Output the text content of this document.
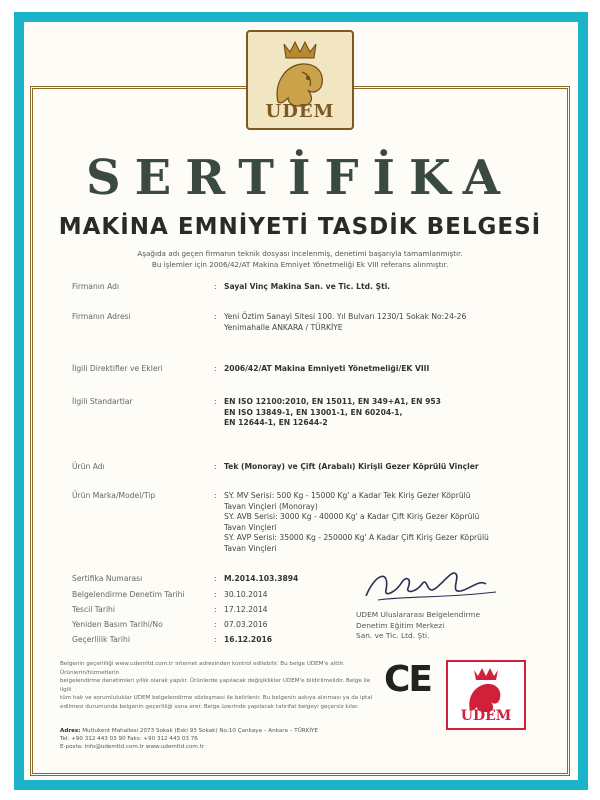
UDEM
SERTİFİKA
MAKİNA EMNİYETİ TASDİK BELGESİ
Aşağıda adı geçen firmanın teknik dosyası incelenmiş, denetimi başarıyla tamamlanmıştır.
Bu işlemler için 2006/42/AT Makina Emniyet Yönetmeliği Ek VIII referans alınmıştır.
Firmanın Adı	: Sayal Vinç Makina San. ve Tic. Ltd. Şti.
Firmanın Adresi	: Yeni Öztim Sanayi Sitesi 100. Yıl Bulvarı 1230/1 Sokak No:24-26
Yenimahalle ANKARA / TÜRKİYE
İlgili Direktifler ve Ekleri	: 2006/42/AT Makina Emniyeti Yönetmeliği/EK VIII
İlgili Standartlar	: EN ISO 12100:2010, EN 15011, EN 349+A1, EN 953
EN ISO 13849-1, EN 13001-1, EN 60204-1,
EN 12644-1, EN 12644-2
Ürün Adı	: Tek (Monoray) ve Çift (Arabalı) Kirişli Gezer Köprülü Vinçler
Ürün Marka/Model/Tip	: SY. MV Serisi: 500 Kg - 15000 Kg' a Kadar Tek Kiriş Gezer Köprülü
Tavan Vinçleri (Monoray)
SY. AVB Serisi: 3000 Kg - 40000 Kg' a Kadar Çift Kiriş Gezer Köprülü
Tavan Vinçleri
SY. AVP Serisi: 35000 Kg - 250000 Kg' A Kadar Çift Kiriş Gezer Köprülü
Tavan Vinçleri
Sertifika Numarası	: M.2014.103.3894
Belgelendirme Denetim Tarihi	: 30.10.2014
Tescil Tarihi	: 17.12.2014
Yeniden Basım Tarihi/No	: 07.03.2016
Geçerlilik Tarihi	: 16.12.2016
UDEM Uluslararası Belgelendirme
Denetim Eğitim Merkezi
San. ve Tic. Ltd. Şti.
Belgenin geçerliliği www.udemltd.com.tr internet adresinden kontrol edilebilir. Bu belge UDEM'e aittir. Ürünlerin/hizmetlerin
belgelendirme denetimleri yıllık olarak yapılır. Ürünlerde yapılacak değişiklikler UDEM'e bildirilmelidir. Belge ile ilgili
tüm hak ve sorumluluklar UDEM belgelendirme sözleşmesi ile belirlenir. Bu belgenin askıya alınması ya da iptal
edilmesi durumunda belgenin geçerliliği sona erer. Belge üzerinde yapılacak tahrifat belgeyi geçersiz kılar.
CE
UDEM
Adres: Mutlukent Mahallesi 2073 Sokak (Eski 93 Sokak) No:10 Çankaya – Ankara – TÜRKİYE
Tel: +90 312 443 03 90 Faks: +90 312 443 03 76
E-posta: info@udemltd.com.tr www.udemltd.com.tr
